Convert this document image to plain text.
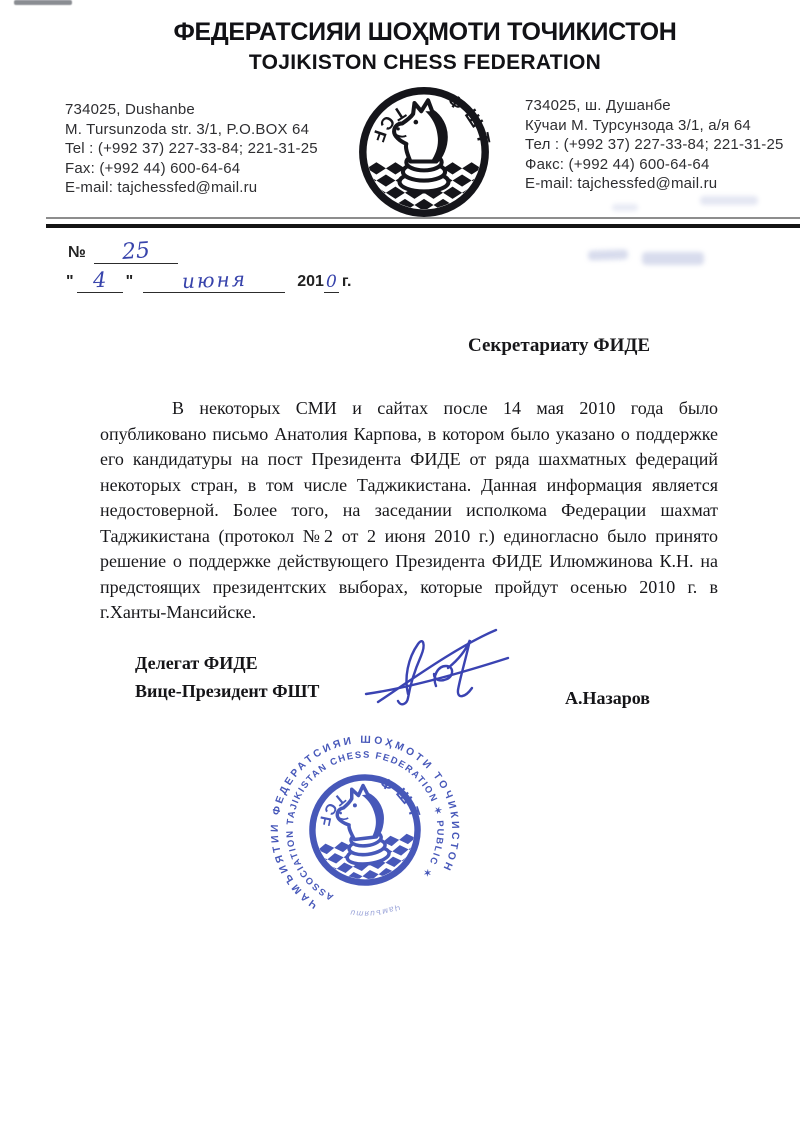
ФЕДЕРАТСИЯИ ШОҲМОТИ ТОЧИКИСТОН
TOJIKISTON CHESS FEDERATION
734025, Dushanbe
M. Tursunzoda str. 3/1, P.O.BOX 64
Tel : (+992 37) 227-33-84; 221-31-25
Fax: (+992 44) 600-64-64
E-mail: tajchessfed@mail.ru
734025, ш. Душанбе
Кӯчаи М. Турсунзода 3/1, а/я 64
Тел : (+992 37) 227-33-84; 221-31-25
Факс: (+992 44) 600-64-64
E-mail: tajchessfed@mail.ru
№	25
" 4	"	июня	201 0 г.
Секретариату ФИДЕ

В некоторых СМИ и сайтах после 14 мая 2010 года было опубликовано письмо Анатолия Карпова, в котором было указано о поддержке его кандидатуры на пост Президента ФИДЕ от ряда шахматных федераций некоторых стран, в том числе Таджикистана. Данная информация является недостоверной. Более того, на заседании исполкома Федерации шахмат Таджикистана (протокол №2 от 2 июня 2010 г.) единогласно было принято решение о поддержке действующего Президента ФИДЕ Илюмжинова К.Н. на предстоящих президентских выборах, которые пройдут осенью 2010 г. в г.Ханты-Мансийске.

Делегат ФИДЕ
Вице-Президент ФШТ	А.Назаров
ЧАМЪИЯТИИ ФЕДЕРАТСИЯИ ШОҲМОТИ ТОЧИКИСТОН
ASSOCIATION TAJIKISTAN CHESS FEDERATION ✶ PUBLIC ✶
Чамъияти
